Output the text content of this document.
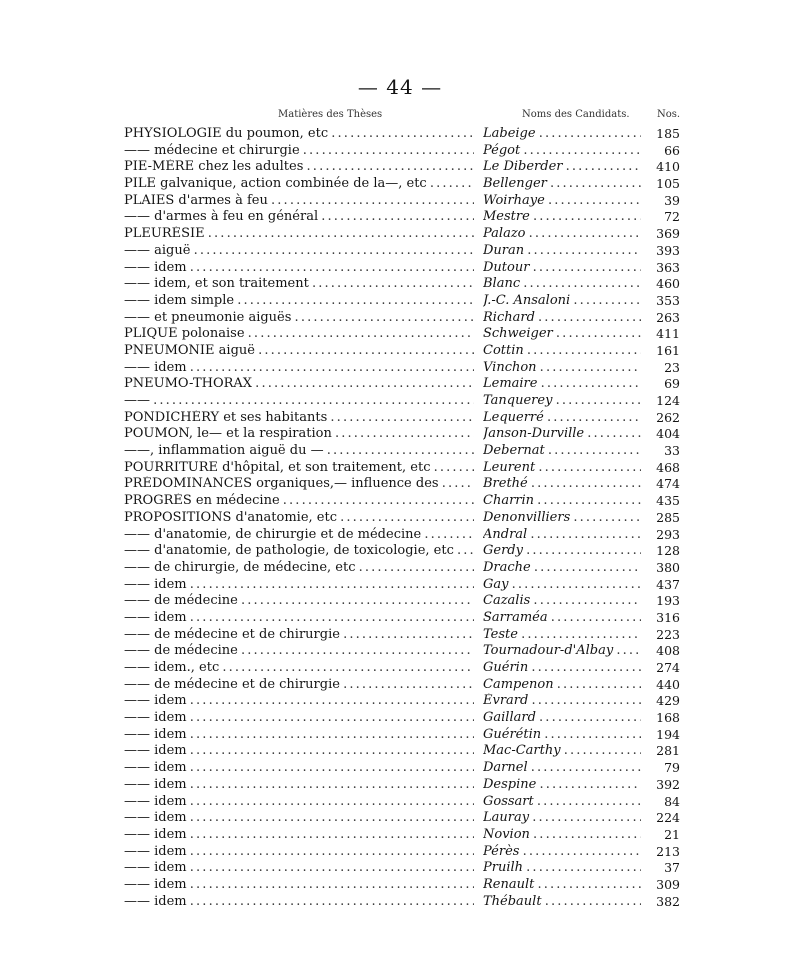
— 44 —
Matières des Thèses	Noms des Candidats.	Nos.
PHYSIOLOGIE du poumon, etc . . .	Labeige . . .	185
—— médecine et chirurgie . . .	Pégot . . .	66
PIE-MÈRE chez les adultes . . .	Le Diberder . . .	410
PILE galvanique, action combinée de la—, etc . . .	Bellenger . . .	105
PLAIES d'armes à feu . . .	Woirhaye . . .	39
—— d'armes à feu en général . . .	Mestre . . .	72
PLEURÉSIE . . .	Palazo . . .	369
—— aiguë . . .	Duran . . .	393
—— idem . . .	Dutour . . .	363
—— idem, et son traitement . . .	Blanc . . .	460
—— idem simple . . .	J.-C. Ansaloni . . .	353
—— et pneumonie aiguës . . .	Richard . . .	263
PLIQUE polonaise . . .	Schweiger . . .	411
PNEUMONIE aiguë . . .	Cottin . . .	161
—— idem . . .	Vinchon . . .	23
PNEUMO-THORAX . . .	Lemaire . . .	69
—— . . .	Tanquerey . . .	124
PONDICHÉRY et ses habitants . . .	Lequerré . . .	262
POUMON, le— et la respiration . . .	Janson-Durville . . .	404
——, inflammation aiguë du — . . .	Debernat . . .	33
POURRITURE d'hôpital, et son traitement, etc . . .	Leurent . . .	468
PRÉDOMINANCES organiques,— influence des . . .	Brethé . . .	474
PROGRÈS en médecine . . .	Charrin . . .	435
PROPOSITIONS d'anatomie, etc . . .	Denonvilliers . . .	285
—— d'anatomie, de chirurgie et de médecine . . .	Andral . . .	293
—— d'anatomie, de pathologie, de toxicologie, etc . . .	Gerdy . . .	128
—— de chirurgie, de médecine, etc . . .	Drache . . .	380
—— idem . . .	Gay . . .	437
—— de médecine . . .	Cazalis . . .	193
—— idem . . .	Sarraméa . . .	316
—— de médecine et de chirurgie . . .	Teste . . .	223
—— de médecine . . .	Tournadour-d'Albay . . .	408
—— idem., etc . . .	Guérin . . .	274
—— de médecine et de chirurgie . . .	Campenon . . .	440
—— idem . . .	Évrard . . .	429
—— idem . . .	Gaillard . . .	168
—— idem . . .	Guérétin . . .	194
—— idem . . .	Mac-Carthy . . .	281
—— idem . . .	Darnel . . .	79
—— idem . . .	Despine . . .	392
—— idem . . .	Gossart . . .	84
—— idem . . .	Lauray . . .	224
—— idem . . .	Novion . . .	21
—— idem . . .	Pérès . . .	213
—— idem . . .	Pruilh . . .	37
—— idem . . .	Renault . . .	309
—— idem . . .	Thébault . . .	382
